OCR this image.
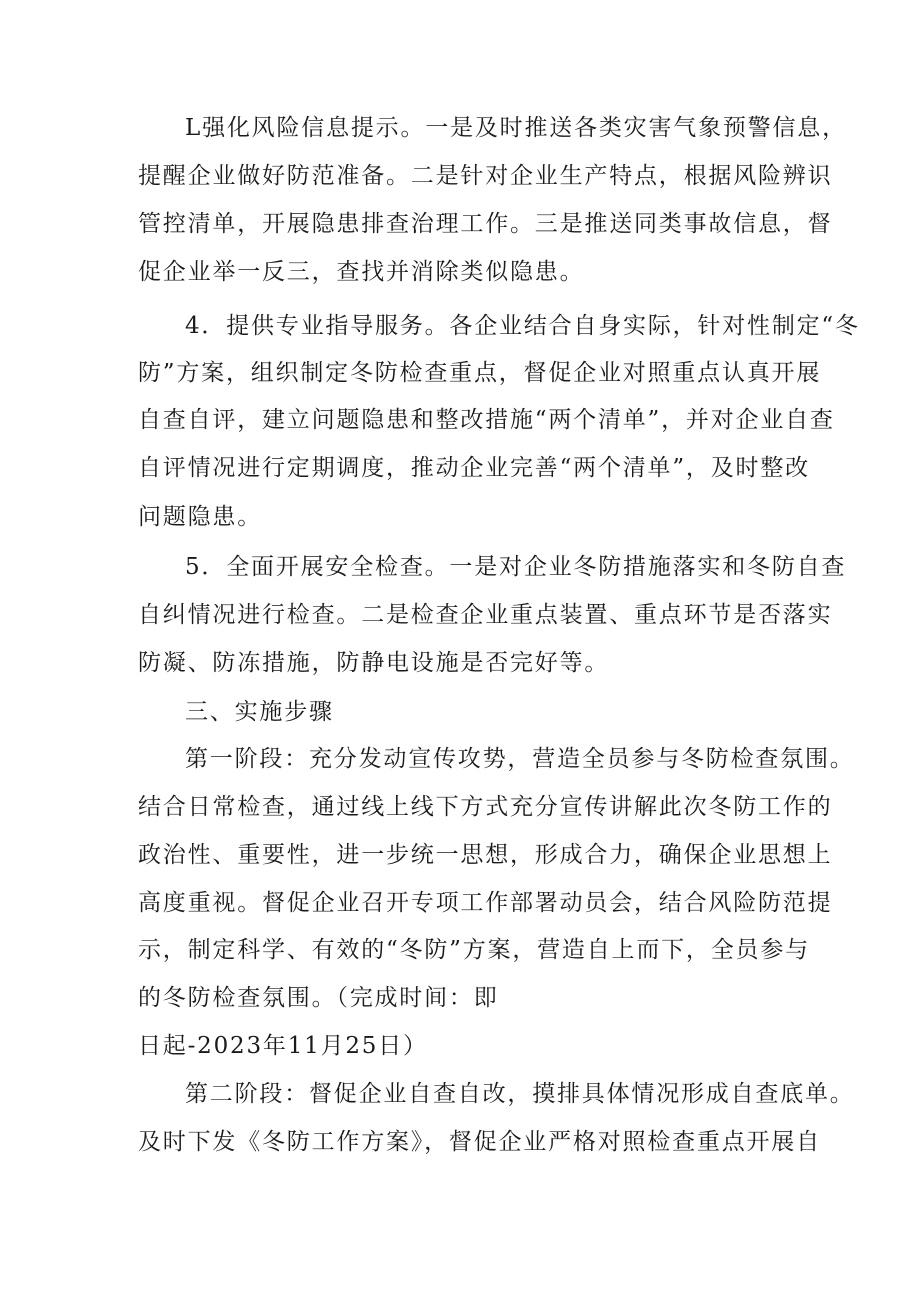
L强化风险信息提示。一是及时推送各类灾害气象预警信息，
提醒企业做好防范准备。二是针对企业生产特点，根据风险辨识
管控清单，开展隐患排查治理工作。三是推送同类事故信息，督
促企业举一反三，查找并消除类似隐患。
4．提供专业指导服务。各企业结合自身实际，针对性制定“冬
防”方案，组织制定冬防检查重点，督促企业对照重点认真开展
自查自评，建立问题隐患和整改措施“两个清单”，并对企业自查
自评情况进行定期调度，推动企业完善“两个清单”，及时整改
问题隐患。
5．全面开展安全检查。一是对企业冬防措施落实和冬防自查
自纠情况进行检查。二是检查企业重点装置、重点环节是否落实
防凝、防冻措施，防静电设施是否完好等。
三、实施步骤
第一阶段：充分发动宣传攻势，营造全员参与冬防检查氛围。
结合日常检查，通过线上线下方式充分宣传讲解此次冬防工作的
政治性、重要性，进一步统一思想，形成合力，确保企业思想上
高度重视。督促企业召开专项工作部署动员会，结合风险防范提
示，制定科学、有效的“冬防”方案，营造自上而下，全员参与
的冬防检查氛围。（完成时间：即
日起-2023年11月25日）
第二阶段：督促企业自查自改，摸排具体情况形成自查底单。
及时下发《冬防工作方案》，督促企业严格对照检查重点开展自
